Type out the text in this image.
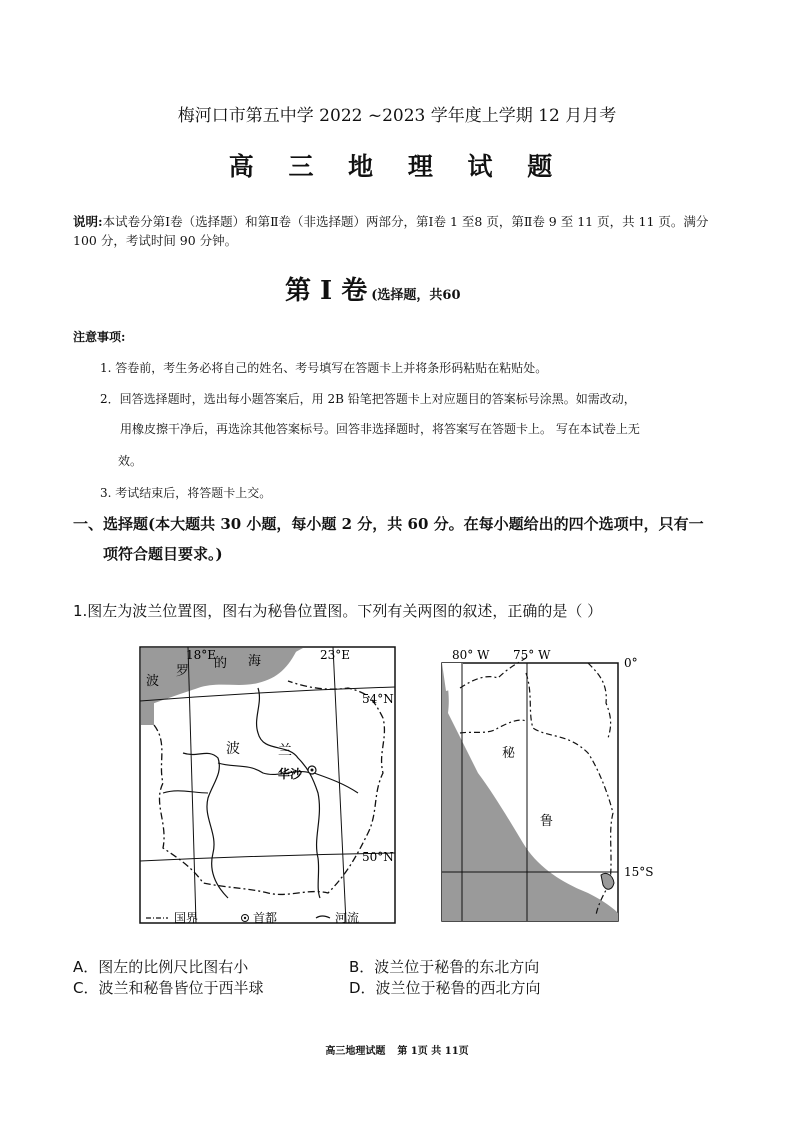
梅河口市第五中学 2022 ~2023 学年度上学期 12 月月考
高 三 地 理 试 题
说明:本试卷分第Ⅰ卷（选择题）和第Ⅱ卷（非选择题）两部分，第Ⅰ卷 1 至8 页，第Ⅱ卷 9 至 11 页，共 11 页。满分 100 分，考试时间 90 分钟。
第 Ⅰ 卷 (选择题，共60
注意事项:
1. 答卷前，考生务必将自己的姓名、考号填写在答题卡上并将条形码粘贴在粘贴处。
2．回答选择题时，选出每小题答案后，用 2B 铅笔把答题卡上对应题目的答案标号涂黑。如需改动，
用橡皮擦干净后，再选涂其他答案标号。回答非选择题时，将答案写在答题卡上。 写在本试卷上无
效。
3. 考试结束后，将答题卡上交。
一、选择题(本大题共 30 小题，每小题 2 分，共 60 分。在每小题给出的四个选项中，只有一
项符合题目要求。)
1.图左为波兰位置图，图右为秘鲁位置图。下列有关两图的叙述，正确的是（ ）
18°E
的 海	23°E
波
罗
54°N
50°N
波	兰
华沙
国界	首都	河流
80° W 75° W
0°
15°S
秘
鲁
A．图左的比例尺比图右小	B．波兰位于秘鲁的东北方向
C．波兰和秘鲁皆位于西半球	D．波兰位于秘鲁的西北方向
高三地理试题 第 1页 共 11页
